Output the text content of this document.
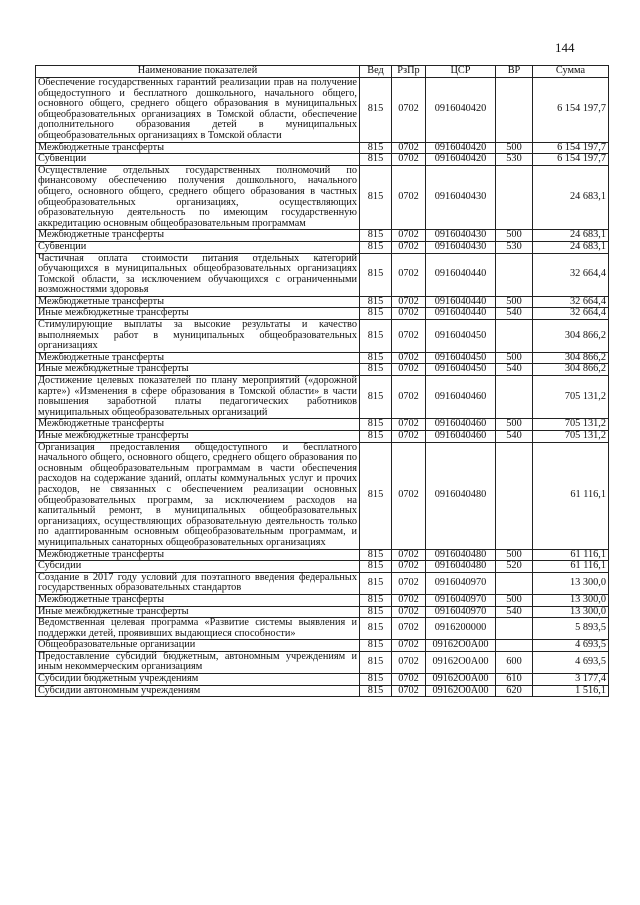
144
Наименование показателей	Вед	РзПр	ЦСР	ВР	Сумма
Обеспечение государственных гарантий реализации прав на получение общедоступного и бесплатного дошкольного, начального общего, основного общего, среднего общего образования в муниципальных общеобразовательных организациях в Томской области, обеспечение дополнительного образования детей в муниципальных общеобразовательных организациях в Томской области	815	0702	0916040420		6 154 197,7
Межбюджетные трансферты	815	0702	0916040420	500	6 154 197,7
Субвенции	815	0702	0916040420	530	6 154 197,7
Осуществление отдельных государственных полномочий по финансовому обеспечению получения дошкольного, начального общего, основного общего, среднего общего образования в частных общеобразовательных организациях, осуществляющих образовательную деятельность по имеющим государственную аккредитацию основным общеобразовательным программам	815	0702	0916040430		24 683,1
Межбюджетные трансферты	815	0702	0916040430	500	24 683,1
Субвенции	815	0702	0916040430	530	24 683,1
Частичная оплата стоимости питания отдельных категорий обучающихся в муниципальных общеобразовательных организациях Томской области, за исключением обучающихся с ограниченными возможностями здоровья	815	0702	0916040440		32 664,4
Межбюджетные трансферты	815	0702	0916040440	500	32 664,4
Иные межбюджетные трансферты	815	0702	0916040440	540	32 664,4
Стимулирующие выплаты за высокие результаты и качество выполняемых работ в муниципальных общеобразовательных организациях	815	0702	0916040450		304 866,2
Межбюджетные трансферты	815	0702	0916040450	500	304 866,2
Иные межбюджетные трансферты	815	0702	0916040450	540	304 866,2
Достижение целевых показателей по плану мероприятий («дорожной карте») «Изменения в сфере образования в Томской области» в части повышения заработной платы педагогических работников муниципальных общеобразовательных организаций	815	0702	0916040460		705 131,2
Межбюджетные трансферты	815	0702	0916040460	500	705 131,2
Иные межбюджетные трансферты	815	0702	0916040460	540	705 131,2
Организация предоставления общедоступного и бесплатного начального общего, основного общего, среднего общего образования по основным общеобразовательным программам в части обеспечения расходов на содержание зданий, оплаты коммунальных услуг и прочих расходов, не связанных с обеспечением реализации основных общеобразовательных программ, за исключением расходов на капитальный ремонт, в муниципальных общеобразовательных организациях, осуществляющих образовательную деятельность только по адаптированным основным общеобразовательным программам, и муниципальных санаторных общеобразовательных организациях	815	0702	0916040480		61 116,1
Межбюджетные трансферты	815	0702	0916040480	500	61 116,1
Субсидии	815	0702	0916040480	520	61 116,1
Создание в 2017 году условий для поэтапного введения федеральных государственных образовательных стандартов	815	0702	0916040970		13 300,0
Межбюджетные трансферты	815	0702	0916040970	500	13 300,0
Иные межбюджетные трансферты	815	0702	0916040970	540	13 300,0
Ведомственная целевая программа «Развитие системы выявления и поддержки детей, проявивших выдающиеся способности»	815	0702	0916200000		5 893,5
Общеобразовательные организации	815	0702	09162О0А00		4 693,5
Предоставление субсидий бюджетным, автономным учреждениям и иным некоммерческим организациям	815	0702	09162О0А00	600	4 693,5
Субсидии бюджетным учреждениям	815	0702	09162О0А00	610	3 177,4
Субсидии автономным учреждениям	815	0702	09162О0А00	620	1 516,1
